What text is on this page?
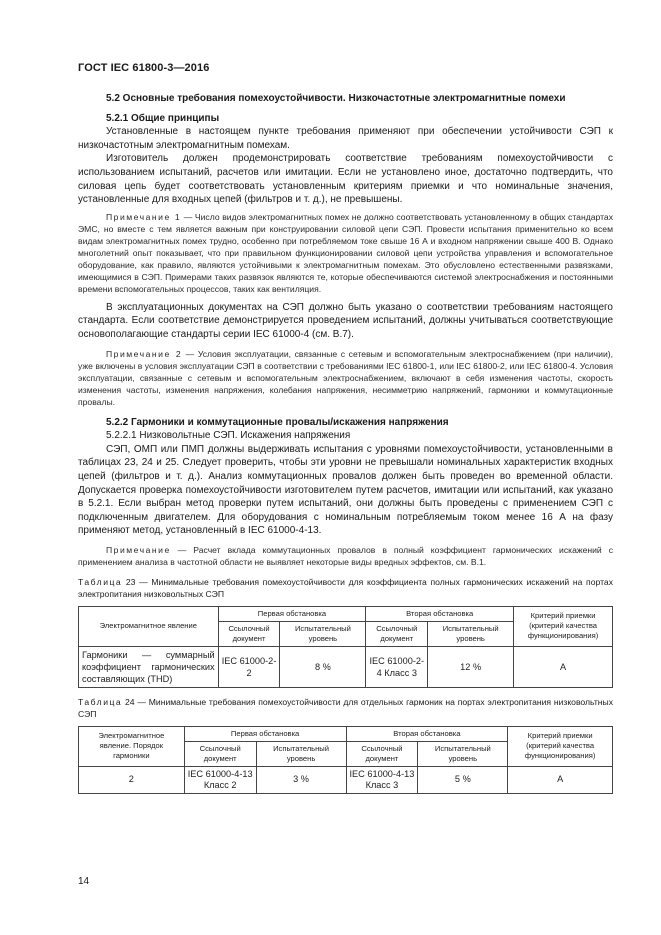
ГОСТ IEC 61800-3—2016

5.2 Основные требования помехоустойчивости. Низкочастотные электромагнитные помехи

5.2.1 Общие принципы

Установленные в настоящем пункте требования применяют при обеспечении устойчивости СЭП к низкочастотным электромагнитным помехам.

Изготовитель должен продемонстрировать соответствие требованиям помехоустойчивости с использованием испытаний, расчетов или имитации. Если не установлено иное, достаточно подтвердить, что силовая цепь будет соответствовать установленным критериям приемки и что номинальные значения, установленные для входных цепей (фильтров и т. д.), не превышены.

Примечание 1 — Число видов электромагнитных помех не должно соответствовать установленному в общих стандартах ЭМС, но вместе с тем является важным при конструировании силовой цепи СЭП. Провести испытания применительно ко всем видам электромагнитных помех трудно, особенно при потребляемом токе свыше 16 А и входном напряжении свыше 400 В. Однако многолетний опыт показывает, что при правильном функционировании силовой цепи устройства управления и вспомогательное оборудование, как правило, являются устойчивыми к электромагнитным помехам. Это обусловлено естественными развязками, имеющимися в СЭП. Примерами таких развязок являются те, которые обеспечиваются системой электроснабжения и постоянными времени вспомогательных процессов, таких как вентиляция.

В эксплуатационных документах на СЭП должно быть указано о соответствии требованиям настоящего стандарта. Если соответствие демонстрируется проведением испытаний, должны учитываться соответствующие основополагающие стандарты серии IEC 61000-4 (см. В.7).

Примечание 2 — Условия эксплуатации, связанные с сетевым и вспомогательным электроснабжением (при наличии), уже включены в условия эксплуатации СЭП в соответствии с требованиями IEC 61800-1, или IEC 61800-2, или IEC 61800-4. Условия эксплуатации, связанные с сетевым и вспомогательным электроснабжением, включают в себя изменения частоты, скорость изменения частоты, изменения напряжения, колебания напряжения, несимметрию напряжений, гармоники и коммутационные провалы.

5.2.2 Гармоники и коммутационные провалы/искажения напряжения

5.2.2.1 Низковольтные СЭП. Искажения напряжения

СЭП, ОМП или ПМП должны выдерживать испытания с уровнями помехоустойчивости, установленными в таблицах 23, 24 и 25. Следует проверить, чтобы эти уровни не превышали номинальных характеристик входных цепей (фильтров и т. д.). Анализ коммутационных провалов должен быть проведен во временной области. Допускается проверка помехоустойчивости изготовителем путем расчетов, имитации или испытаний, как указано в 5.2.1. Если выбран метод проверки путем испытаний, они должны быть проведены с применением СЭП с подключенным двигателем. Для оборудования с номинальным потребляемым током менее 16 А на фазу применяют метод, установленный в IEC 61000-4-13.

Примечание — Расчет вклада коммутационных провалов в полный коэффициент гармонических искажений с применением анализа в частотной области не выявляет некоторые виды вредных эффектов, см. В.1.

Таблица 23 — Минимальные требования помехоустойчивости для коэффициента полных гармонических искажений на портах электропитания низковольтных СЭП

Электромагнитное явление	Первая обстановка		Вторая обстановка		Критерий приемки (критерий качества функционирования)
	Ссылочный документ	Испытательный уровень	Ссылочный документ	Испытательный уровень	
Гармоники — суммарный коэффициент гармонических составляющих (THD)	IEC 61000-2-2	8 %	IEC 61000-2-4 Класс 3	12 %	A

Таблица 24 — Минимальные требования помехоустойчивости для отдельных гармоник на портах электропитания низковольтных СЭП

Электромагнитное явление. Порядок гармоники	Первая обстановка		Вторая обстановка		Критерий приемки (критерий качества функционирования)
	Ссылочный документ	Испытательный уровень	Ссылочный документ	Испытательный уровень	
2	IEC 61000-4-13 Класс 2	3 %	IEC 61000-4-13 Класс 3	5 %	A
14
